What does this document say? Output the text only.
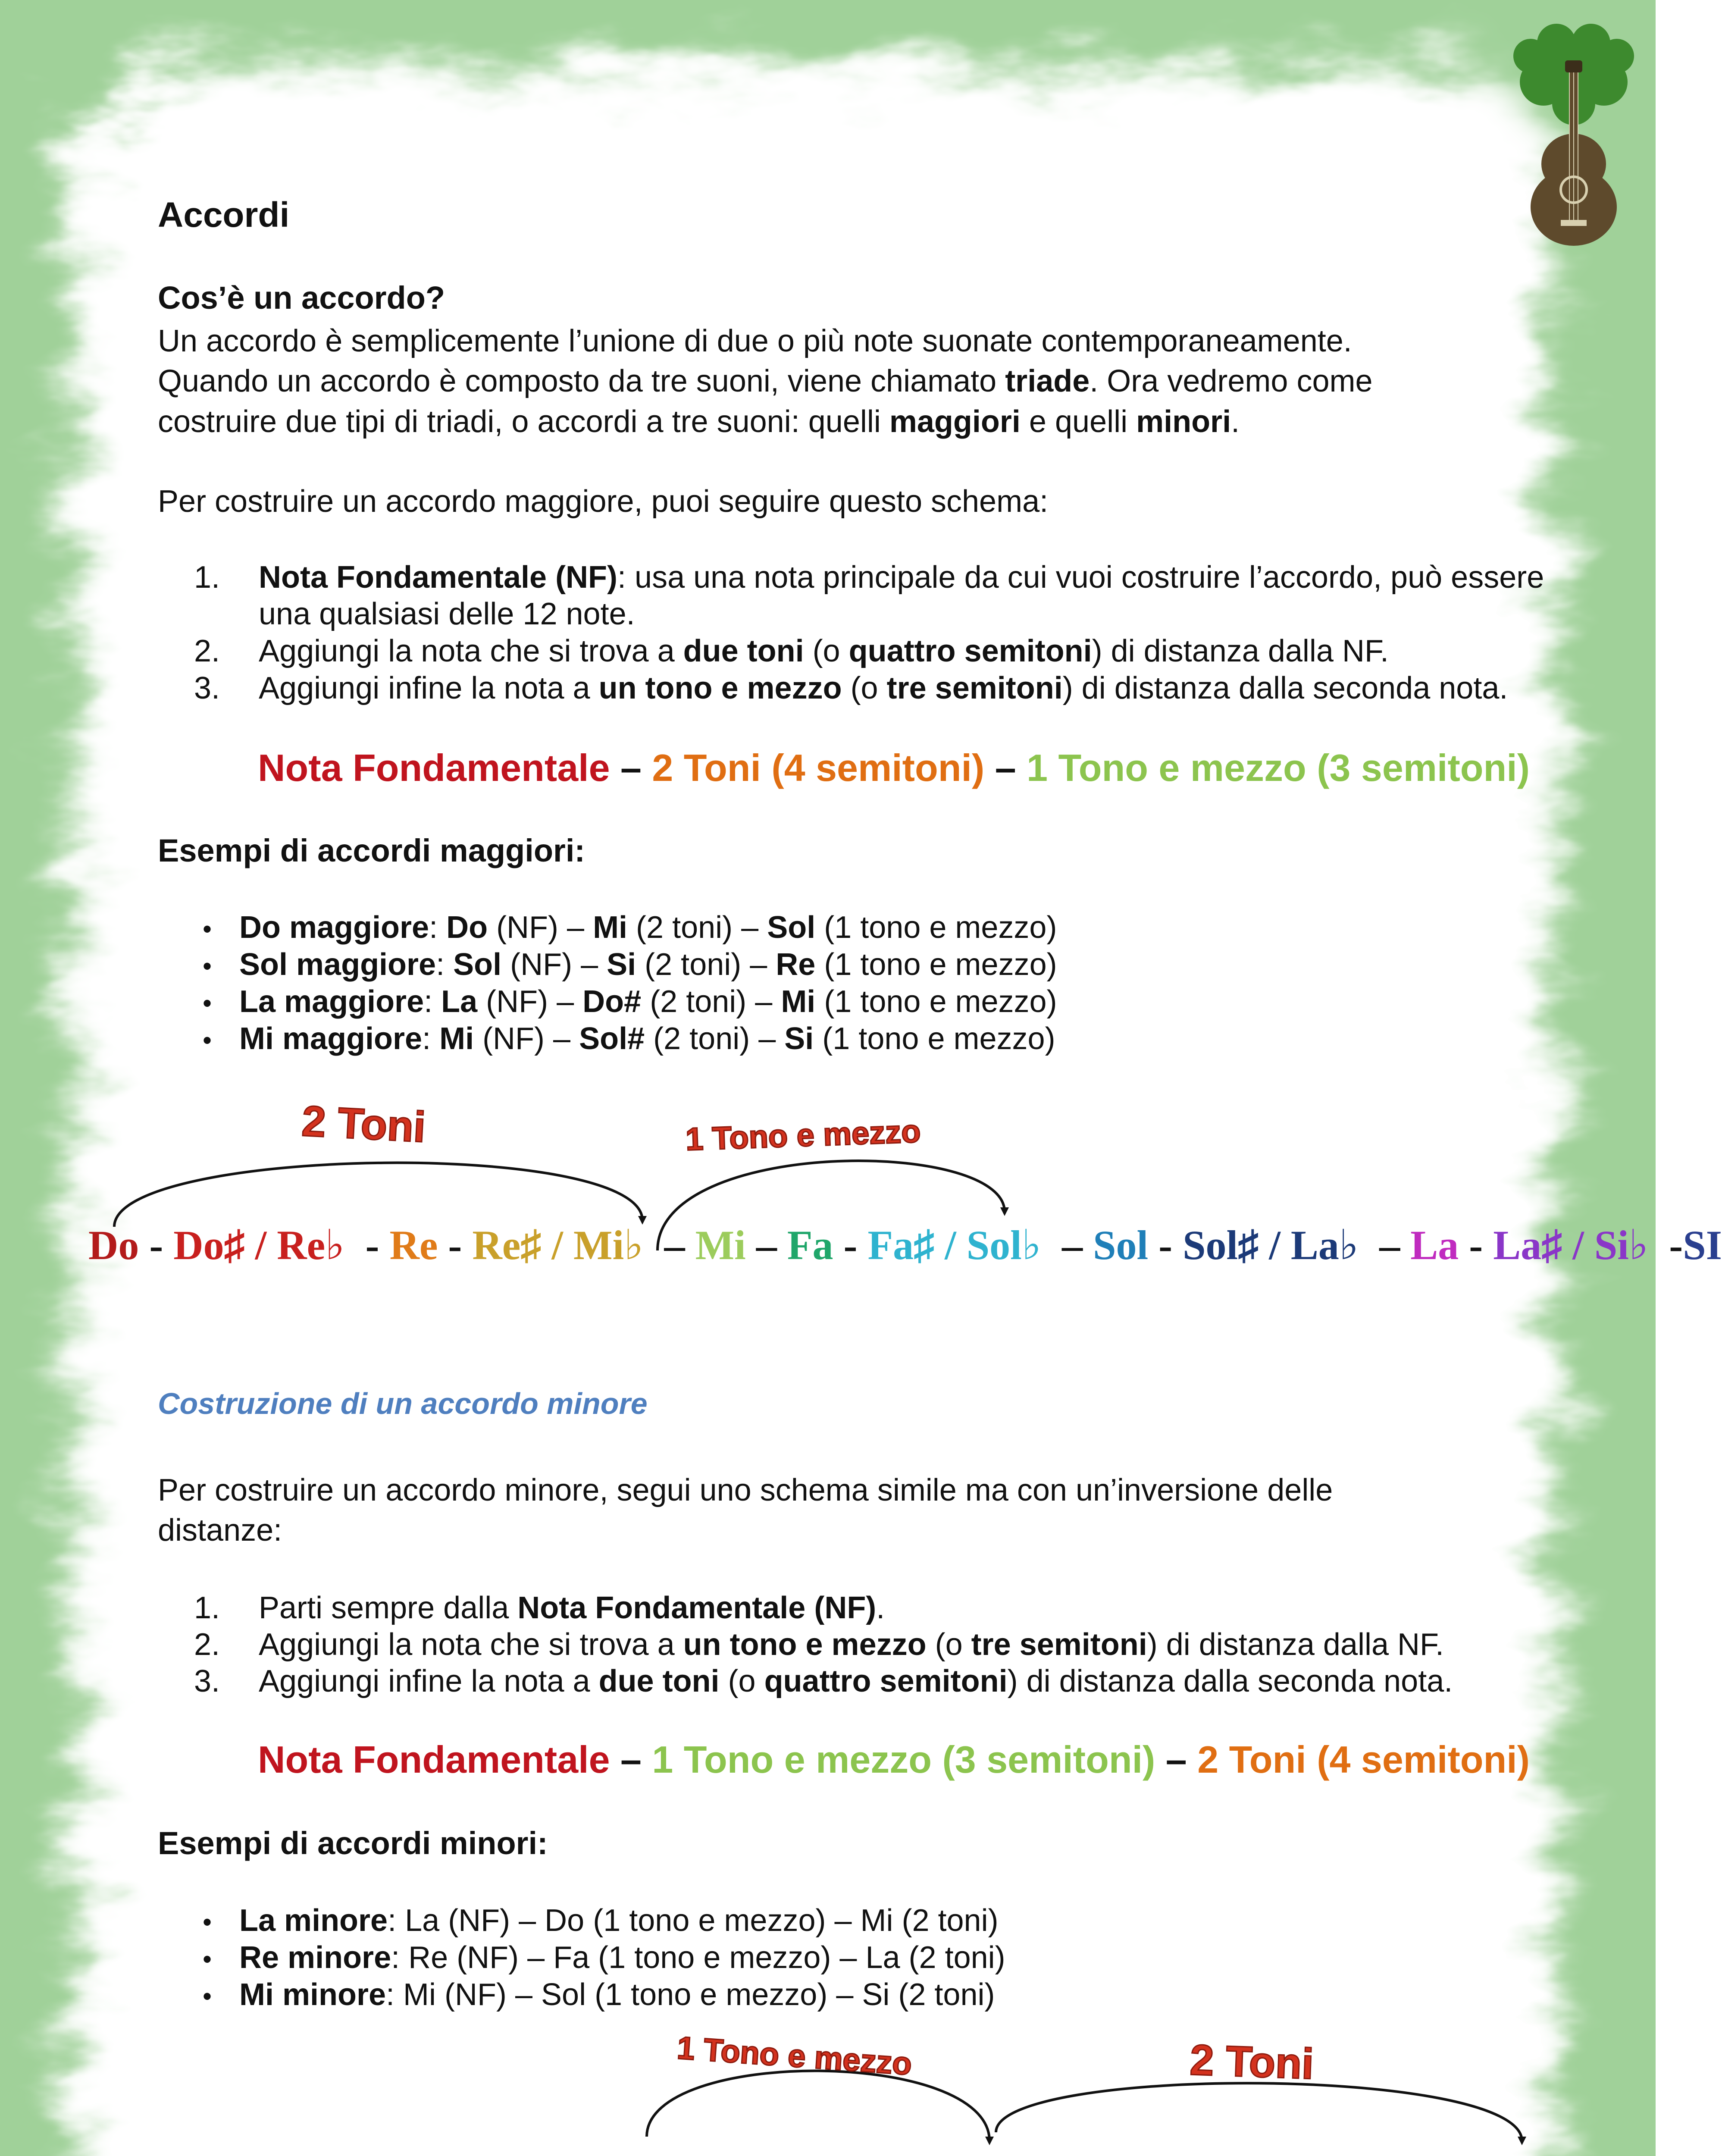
Accordi
Cos’è un accordo?
Un accordo è semplicemente l’unione di due o più note suonate contemporaneamente.
Quando un accordo è composto da tre suoni, viene chiamato triade. Ora vedremo come
costruire due tipi di triadi, o accordi a tre suoni: quelli maggiori e quelli minori.
Per costruire un accordo maggiore, puoi seguire questo schema:
1. Nota Fondamentale (NF): usa una nota principale da cui vuoi costruire l’accordo, può essere
una qualsiasi delle 12 note.
2. Aggiungi la nota che si trova a due toni (o quattro semitoni) di distanza dalla NF.
3. Aggiungi infine la nota a un tono e mezzo (o tre semitoni) di distanza dalla seconda nota.
Nota Fondamentale – 2 Toni (4 semitoni) – 1 Tono e mezzo (3 semitoni)
Esempi di accordi maggiori:
• Do maggiore: Do (NF) – Mi (2 toni) – Sol (1 tono e mezzo)
• Sol maggiore: Sol (NF) – Si (2 toni) – Re (1 tono e mezzo)
• La maggiore: La (NF) – Do# (2 toni) – Mi (1 tono e mezzo)
• Mi maggiore: Mi (NF) – Sol# (2 toni) – Si (1 tono e mezzo)
2 Toni	1 Tono e mezzo
Do - Do♯ / Re♭  - Re - Re♯ / Mi♭  – Mi – Fa - Fa♯ / Sol♭  – Sol - Sol♯ / La♭  – La - La♯ / Si♭  -SI
Costruzione di un accordo minore
Per costruire un accordo minore, segui uno schema simile ma con un’inversione delle
distanze:
1. Parti sempre dalla Nota Fondamentale (NF).
2. Aggiungi la nota che si trova a un tono e mezzo (o tre semitoni) di distanza dalla NF.
3. Aggiungi infine la nota a due toni (o quattro semitoni) di distanza dalla seconda nota.
Nota Fondamentale – 1 Tono e mezzo (3 semitoni) – 2 Toni (4 semitoni)
Esempi di accordi minori:
• La minore: La (NF) – Do (1 tono e mezzo) – Mi (2 toni)
• Re minore: Re (NF) – Fa (1 tono e mezzo) – La (2 toni)
• Mi minore: Mi (NF) – Sol (1 tono e mezzo) – Si (2 toni)
1 Tono e mezzo	2 Toni
